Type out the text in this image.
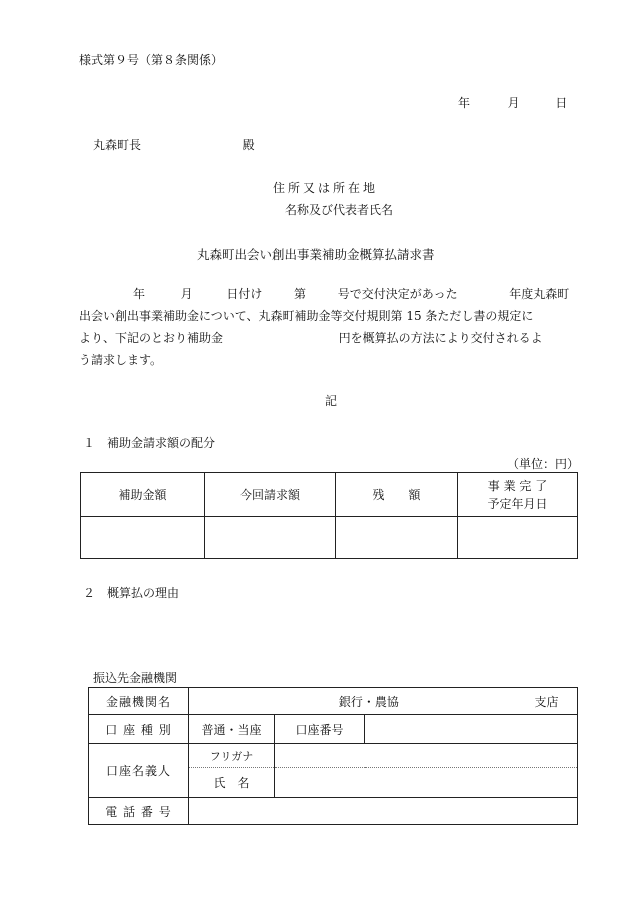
様式第９号（第８条関係）
年	月	日
丸森町長	殿
住所又は所在地
名称及び代表者氏名
丸森町出会い創出事業補助金概算払請求書
年	月	日付け	第	号で交付決定があった	年度丸森町
出会い創出事業補助金について、丸森町補助金等交付規則第 15 条ただし書の規定に
より、下記のとおり補助金	円を概算払の方法により交付されるよ
う請求します。
記
１　補助金請求額の配分
（単位：円）
補助金額	今回請求額	残　　額	事 業 完 了
予定年月日

２　概算払の理由
振込先金融機関
金融機関名	銀行・農協 支店		
口 座 種 別	普通・当座	口座番号	
口座名義人	フリガナ		
	氏　名		
電 話 番 号			
